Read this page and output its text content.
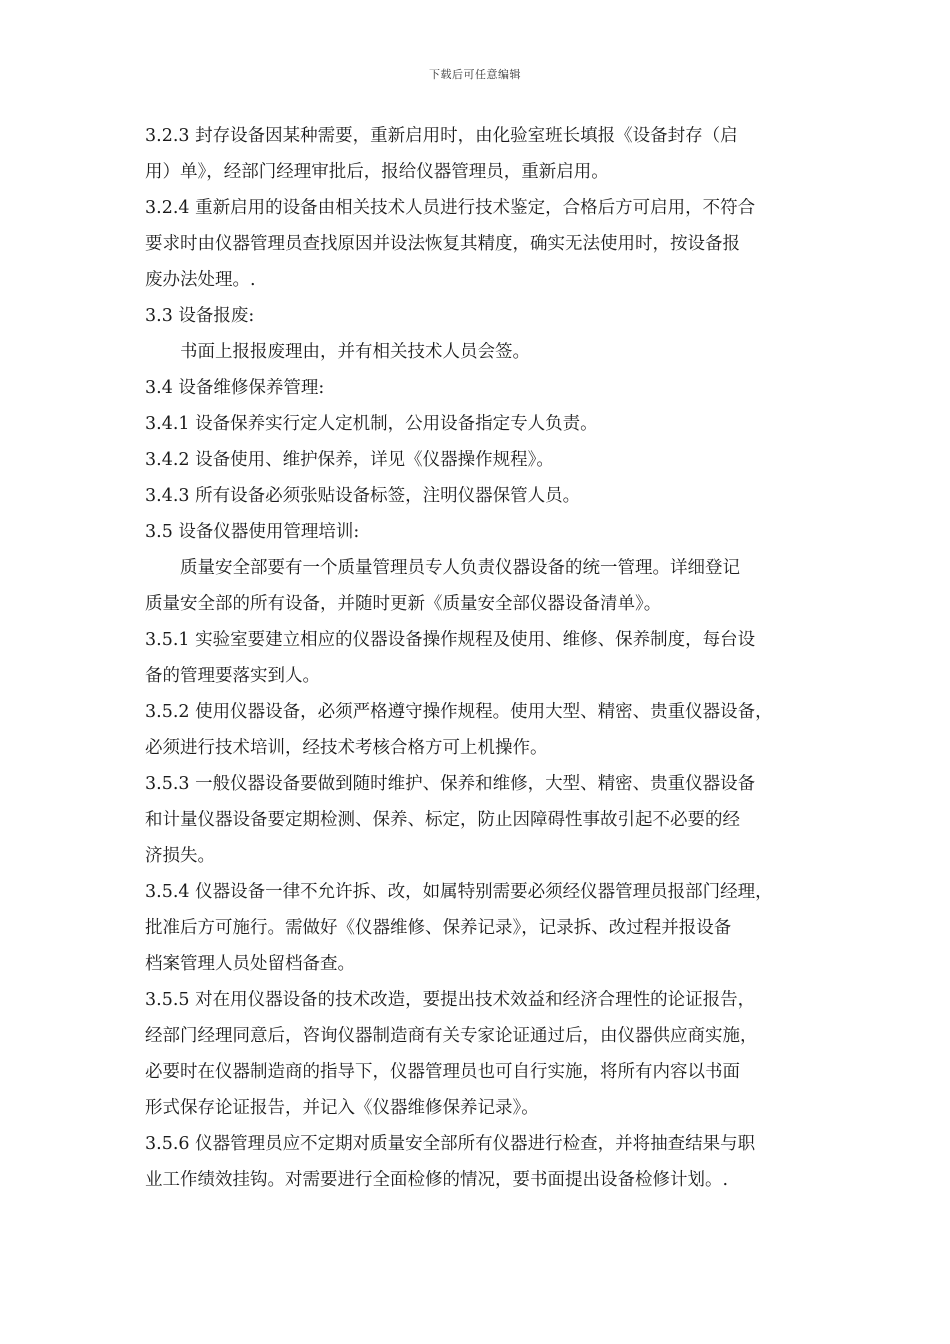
下载后可任意编辑
3.2.3 封存设备因某种需要，重新启用时，由化验室班长填报《设备封存（启
用）单》，经部门经理审批后，报给仪器管理员，重新启用。
3.2.4 重新启用的设备由相关技术人员进行技术鉴定，合格后方可启用，不符合
要求时由仪器管理员查找原因并设法恢复其精度，确实无法使用时，按设备报
废办法处理。.
3.3 设备报废:
　　书面上报报废理由，并有相关技术人员会签。
3.4 设备维修保养管理:
3.4.1 设备保养实行定人定机制，公用设备指定专人负责。
3.4.2 设备使用、维护保养，详见《仪器操作规程》。
3.4.3 所有设备必须张贴设备标签，注明仪器保管人员。
3.5 设备仪器使用管理培训:
　　质量安全部要有一个质量管理员专人负责仪器设备的统一管理。详细登记
质量安全部的所有设备，并随时更新《质量安全部仪器设备清单》。
3.5.1 实验室要建立相应的仪器设备操作规程及使用、维修、保养制度，每台设
备的管理要落实到人。
3.5.2 使用仪器设备，必须严格遵守操作规程。使用大型、精密、贵重仪器设备，
必须进行技术培训，经技术考核合格方可上机操作。
3.5.3 一般仪器设备要做到随时维护、保养和维修，大型、精密、贵重仪器设备
和计量仪器设备要定期检测、保养、标定，防止因障碍性事故引起不必要的经
济损失。
3.5.4 仪器设备一律不允许拆、改，如属特别需要必须经仪器管理员报部门经理，
批准后方可施行。需做好《仪器维修、保养记录》，记录拆、改过程并报设备
档案管理人员处留档备查。
3.5.5 对在用仪器设备的技术改造，要提出技术效益和经济合理性的论证报告，
经部门经理同意后，咨询仪器制造商有关专家论证通过后，由仪器供应商实施，
必要时在仪器制造商的指导下，仪器管理员也可自行实施，将所有内容以书面
形式保存论证报告，并记入《仪器维修保养记录》。
3.5.6 仪器管理员应不定期对质量安全部所有仪器进行检查，并将抽查结果与职
业工作绩效挂钩。对需要进行全面检修的情况，要书面提出设备检修计划。.
